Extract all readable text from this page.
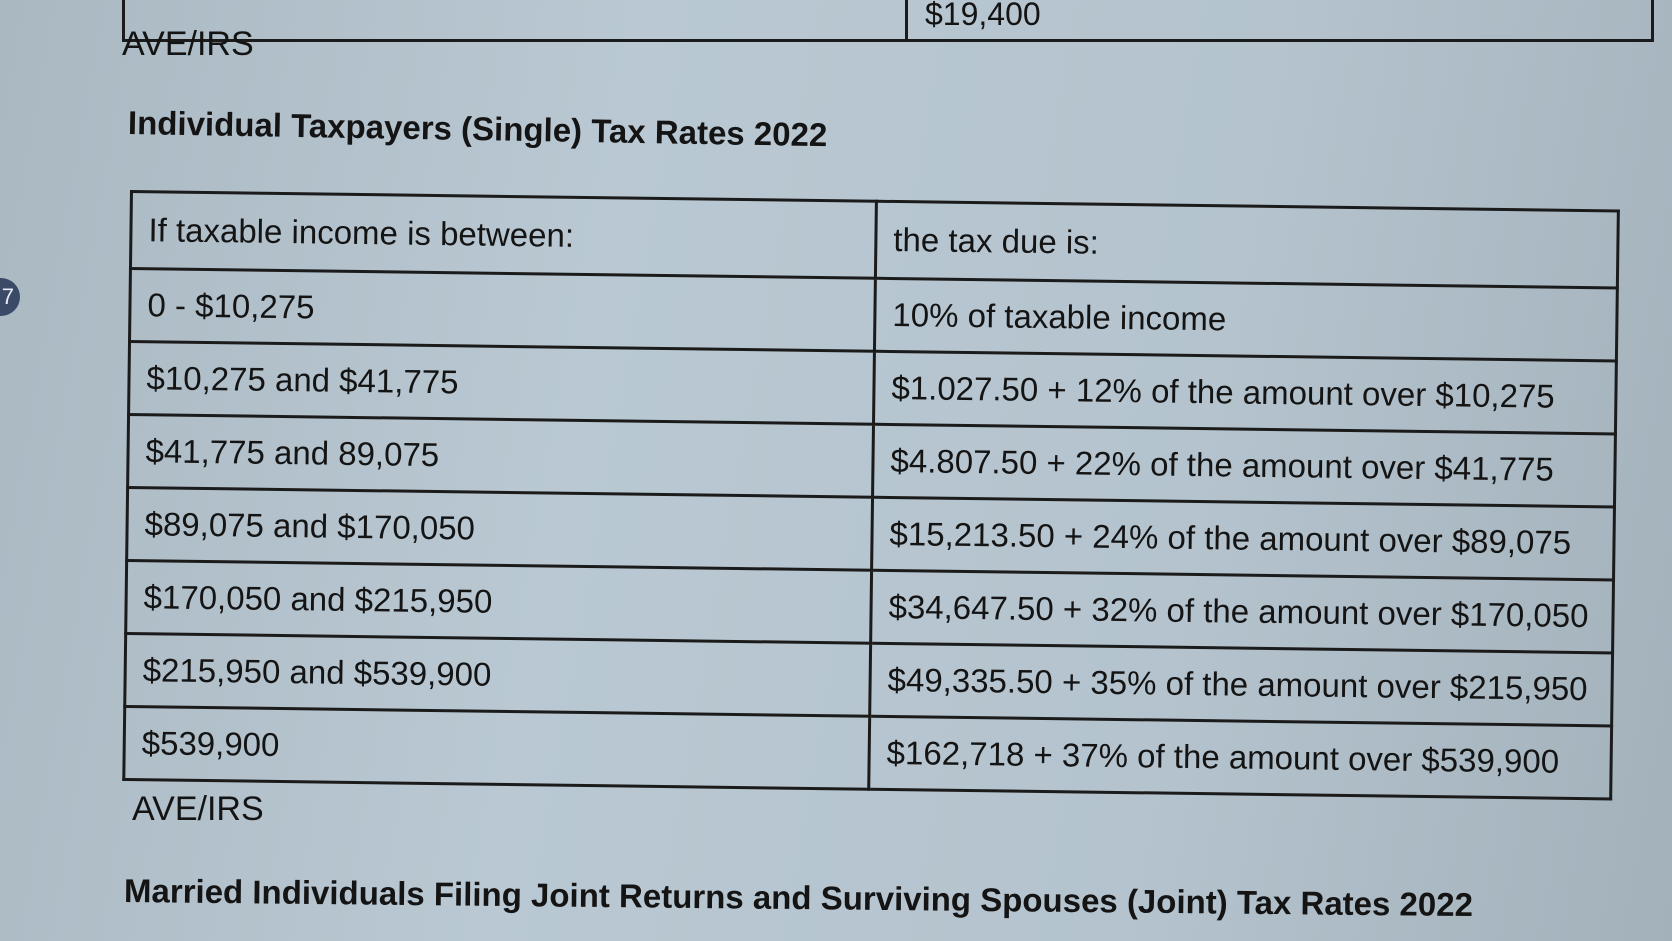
$19,400
AVE/IRS
Individual Taxpayers (Single) Tax Rates 2022
If taxable income is between:	the tax due is:
0 - $10,275	10% of taxable income
$10,275 and $41,775	$1.027.50 + 12% of the amount over $10,275
$41,775 and 89,075	$4.807.50 + 22% of the amount over $41,775
$89,075 and $170,050	$15,213.50 + 24% of the amount over $89,075
$170,050 and $215,950	$34,647.50 + 32% of the amount over $170,050
$215,950 and $539,900	$49,335.50 + 35% of the amount over $215,950
$539,900	$162,718 + 37% of the amount over $539,900
AVE/IRS
Married Individuals Filing Joint Returns and Surviving Spouses (Joint) Tax Rates 2022
7
